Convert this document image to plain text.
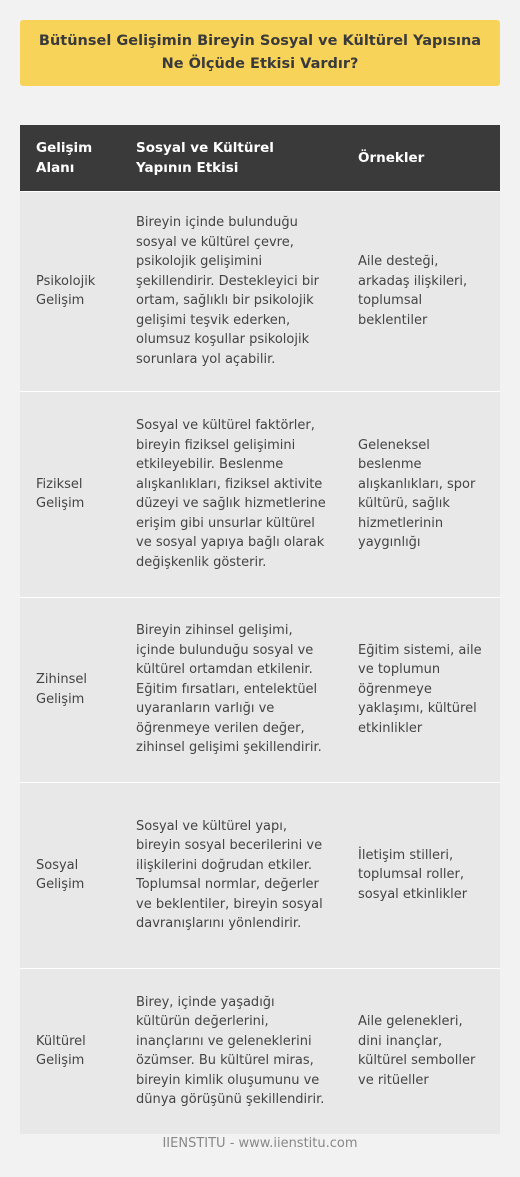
Bütünsel Gelişimin Bireyin Sosyal ve Kültürel Yapısına Ne Ölçüde Etkisi Vardır?
Gelişim Alanı	Sosyal ve Kültürel Yapının Etkisi	Örnekler
Psikolojik Gelişim	Bireyin içinde bulunduğu sosyal ve kültürel çevre, psikolojik gelişimini şekillendirir. Destekleyici bir ortam, sağlıklı bir psikolojik gelişimi teşvik ederken, olumsuz koşullar psikolojik sorunlara yol açabilir.	Aile desteği, arkadaş ilişkileri, toplumsal beklentiler
Fiziksel Gelişim	Sosyal ve kültürel faktörler, bireyin fiziksel gelişimini etkileyebilir. Beslenme alışkanlıkları, fiziksel aktivite düzeyi ve sağlık hizmetlerine erişim gibi unsurlar kültürel ve sosyal yapıya bağlı olarak değişkenlik gösterir.	Geleneksel beslenme alışkanlıkları, spor kültürü, sağlık hizmetlerinin yaygınlığı
Zihinsel Gelişim	Bireyin zihinsel gelişimi, içinde bulunduğu sosyal ve kültürel ortamdan etkilenir. Eğitim fırsatları, entelektüel uyaranların varlığı ve öğrenmeye verilen değer, zihinsel gelişimi şekillendirir.	Eğitim sistemi, aile ve toplumun öğrenmeye yaklaşımı, kültürel etkinlikler
Sosyal Gelişim	Sosyal ve kültürel yapı, bireyin sosyal becerilerini ve ilişkilerini doğrudan etkiler. Toplumsal normlar, değerler ve beklentiler, bireyin sosyal davranışlarını yönlendirir.	İletişim stilleri, toplumsal roller, sosyal etkinlikler
Kültürel Gelişim	Birey, içinde yaşadığı kültürün değerlerini, inançlarını ve geleneklerini özümser. Bu kültürel miras, bireyin kimlik oluşumunu ve dünya görüşünü şekillendirir.	Aile gelenekleri, dini inançlar, kültürel semboller ve ritüeller
IIENSTITU - www.iienstitu.com
